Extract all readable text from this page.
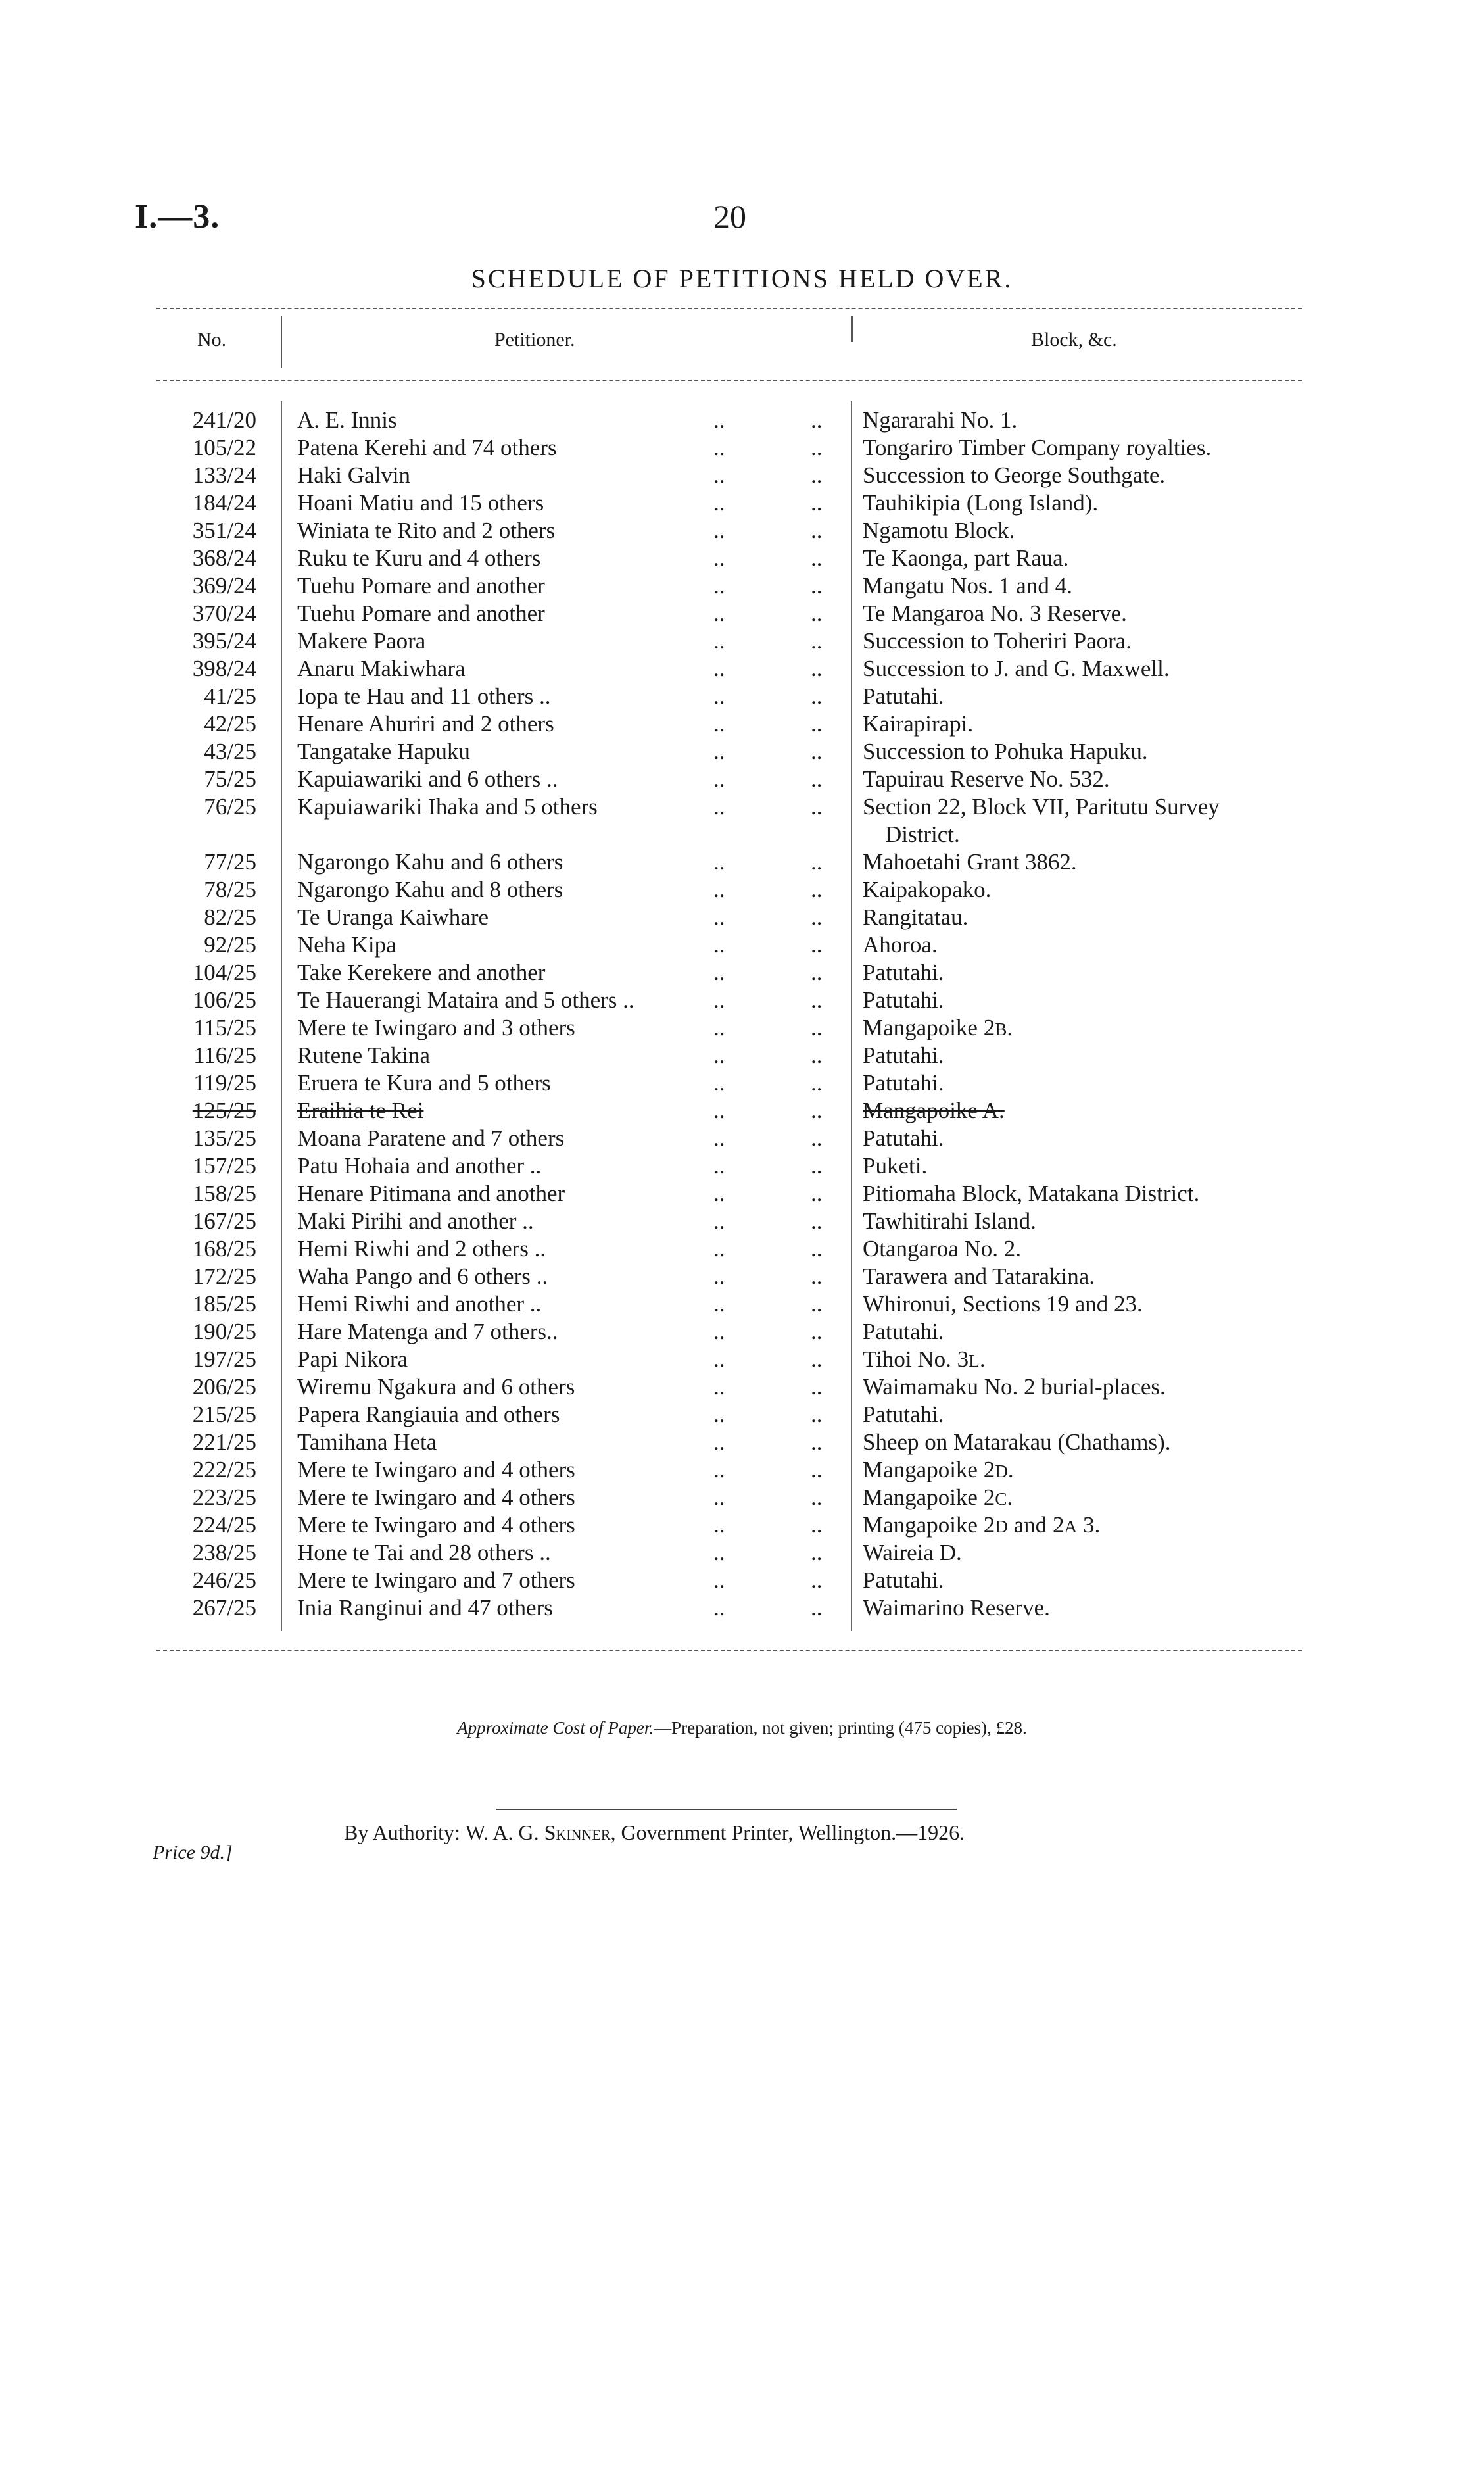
I.—3.	20
SCHEDULE OF PETITIONS HELD OVER.
No.	Petitioner.	Block, &c.
241/20 A. E. Innis	..	.. Ngararahi No. 1.
105/22 Patena Kerehi and 74 others	..	.. Tongariro Timber Company royalties.
133/24 Haki Galvin	..	.. Succession to George Southgate.
184/24 Hoani Matiu and 15 others	..	.. Tauhikipia (Long Island).
351/24 Winiata te Rito and 2 others	..	.. Ngamotu Block.
368/24 Ruku te Kuru and 4 others	..	.. Te Kaonga, part Raua.
369/24 Tuehu Pomare and another	..	.. Mangatu Nos. 1 and 4.
370/24 Tuehu Pomare and another	..	.. Te Mangaroa No. 3 Reserve.
395/24 Makere Paora	..	.. Succession to Toheriri Paora.
398/24 Anaru Makiwhara	..	.. Succession to J. and G. Maxwell.
41/25 Iopa te Hau and 11 others ..	..	.. Patutahi.
42/25 Henare Ahuriri and 2 others	..	.. Kairapirapi.
43/25 Tangatake Hapuku	..	.. Succession to Pohuka Hapuku.
75/25 Kapuiawariki and 6 others ..	..	.. Tapuirau Reserve No. 532.
76/25 Kapuiawariki Ihaka and 5 others	..	.. Section 22, Block VII, Paritutu Survey
District.
77/25 Ngarongo Kahu and 6 others	..	.. Mahoetahi Grant 3862.
78/25 Ngarongo Kahu and 8 others	..	.. Kaipakopako.
82/25 Te Uranga Kaiwhare	..	.. Rangitatau.
92/25 Neha Kipa	..	.. Ahoroa.
104/25 Take Kerekere and another	..	.. Patutahi.
106/25 Te Hauerangi Mataira and 5 others ..	..	.. Patutahi.
115/25 Mere te Iwingaro and 3 others	..	.. Mangapoike 2B.
116/25 Rutene Takina	..	.. Patutahi.
119/25 Eruera te Kura and 5 others	..	.. Patutahi.
125/25 Eraihia te Rei	..	.. Mangapoike A.
135/25 Moana Paratene and 7 others	..	.. Patutahi.
157/25 Patu Hohaia and another ..	..	.. Puketi.
158/25 Henare Pitimana and another	..	.. Pitiomaha Block, Matakana District.
167/25 Maki Pirihi and another ..	..	.. Tawhitirahi Island.
168/25 Hemi Riwhi and 2 others ..	..	.. Otangaroa No. 2.
172/25 Waha Pango and 6 others ..	..	.. Tarawera and Tatarakina.
185/25 Hemi Riwhi and another ..	..	.. Whironui, Sections 19 and 23.
190/25 Hare Matenga and 7 others..	..	.. Patutahi.
197/25 Papi Nikora	..	.. Tihoi No. 3L.
206/25 Wiremu Ngakura and 6 others	..	.. Waimamaku No. 2 burial-places.
215/25 Papera Rangiauia and others	..	.. Patutahi.
221/25 Tamihana Heta	..	.. Sheep on Matarakau (Chathams).
222/25 Mere te Iwingaro and 4 others	..	.. Mangapoike 2D.
223/25 Mere te Iwingaro and 4 others	..	.. Mangapoike 2C.
224/25 Mere te Iwingaro and 4 others	..	.. Mangapoike 2D and 2A 3.
238/25 Hone te Tai and 28 others ..	..	.. Waireia D.
246/25 Mere te Iwingaro and 7 others	..	.. Patutahi.
267/25 Inia Ranginui and 47 others	..	.. Waimarino Reserve.
Approximate Cost of Paper.—Preparation, not given; printing (475 copies), £28.
By Authority: W. A. G. Skinner, Government Printer, Wellington.—1926.
Price 9d.]
